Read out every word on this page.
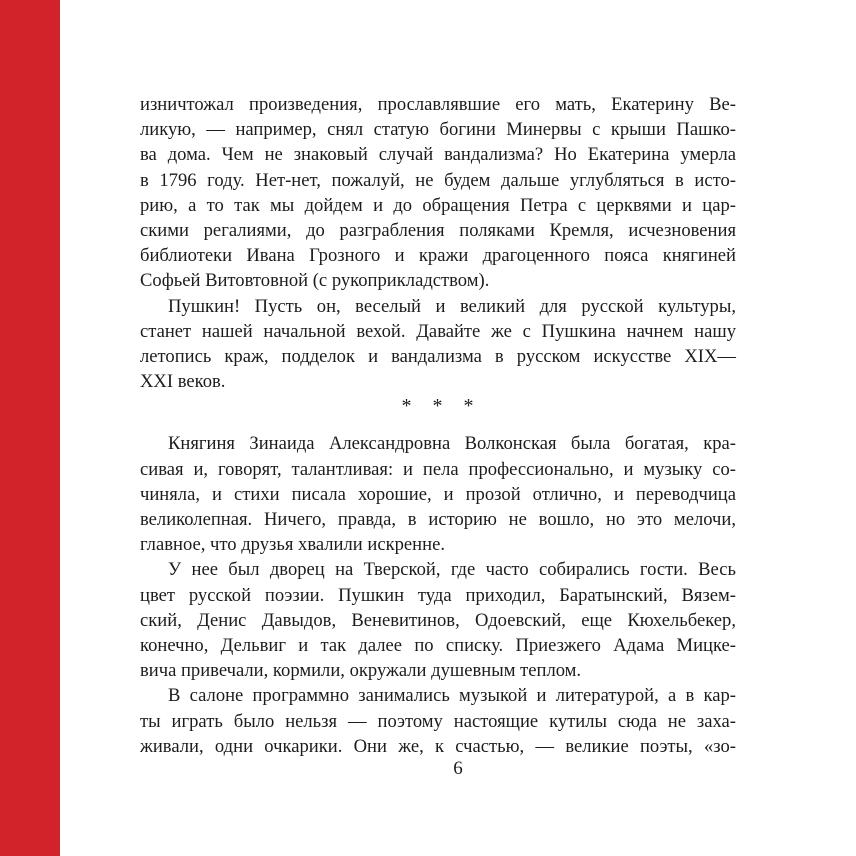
изничтожал произведения, прославлявшие его мать, Екатерину Ве-
ликую, — например, снял статую богини Минервы с крыши Пашко-
ва дома. Чем не знаковый случай вандализма? Но Екатерина умерла
в 1796 году. Нет-нет, пожалуй, не будем дальше углубляться в исто-
рию, а то так мы дойдем и до обращения Петра с церквями и цар-
скими регалиями, до разграбления поляками Кремля, исчезновения
библиотеки Ивана Грозного и кражи драгоценного пояса княгиней
Софьей Витовтовной (с рукоприкладством).
Пушкин! Пусть он, веселый и великий для русской культуры,
станет нашей начальной вехой. Давайте же с Пушкина начнем нашу
летопись краж, подделок и вандализма в русском искусстве XIX—
XXI веков.
* * *
Княгиня Зинаида Александровна Волконская была богатая, кра-
сивая и, говорят, талантливая: и пела профессионально, и музыку со-
чиняла, и стихи писала хорошие, и прозой отлично, и переводчица
великолепная. Ничего, правда, в историю не вошло, но это мелочи,
главное, что друзья хвалили искренне.
У нее был дворец на Тверской, где часто собирались гости. Весь
цвет русской поэзии. Пушкин туда приходил, Баратынский, Вязем-
ский, Денис Давыдов, Веневитинов, Одоевский, еще Кюхельбекер,
конечно, Дельвиг и так далее по списку. Приезжего Адама Мицке-
вича привечали, кормили, окружали душевным теплом.
В салоне программно занимались музыкой и литературой, а в кар-
ты играть было нельзя — поэтому настоящие кутилы сюда не заха-
живали, одни очкарики. Они же, к счастью, — великие поэты, «зо-
6
